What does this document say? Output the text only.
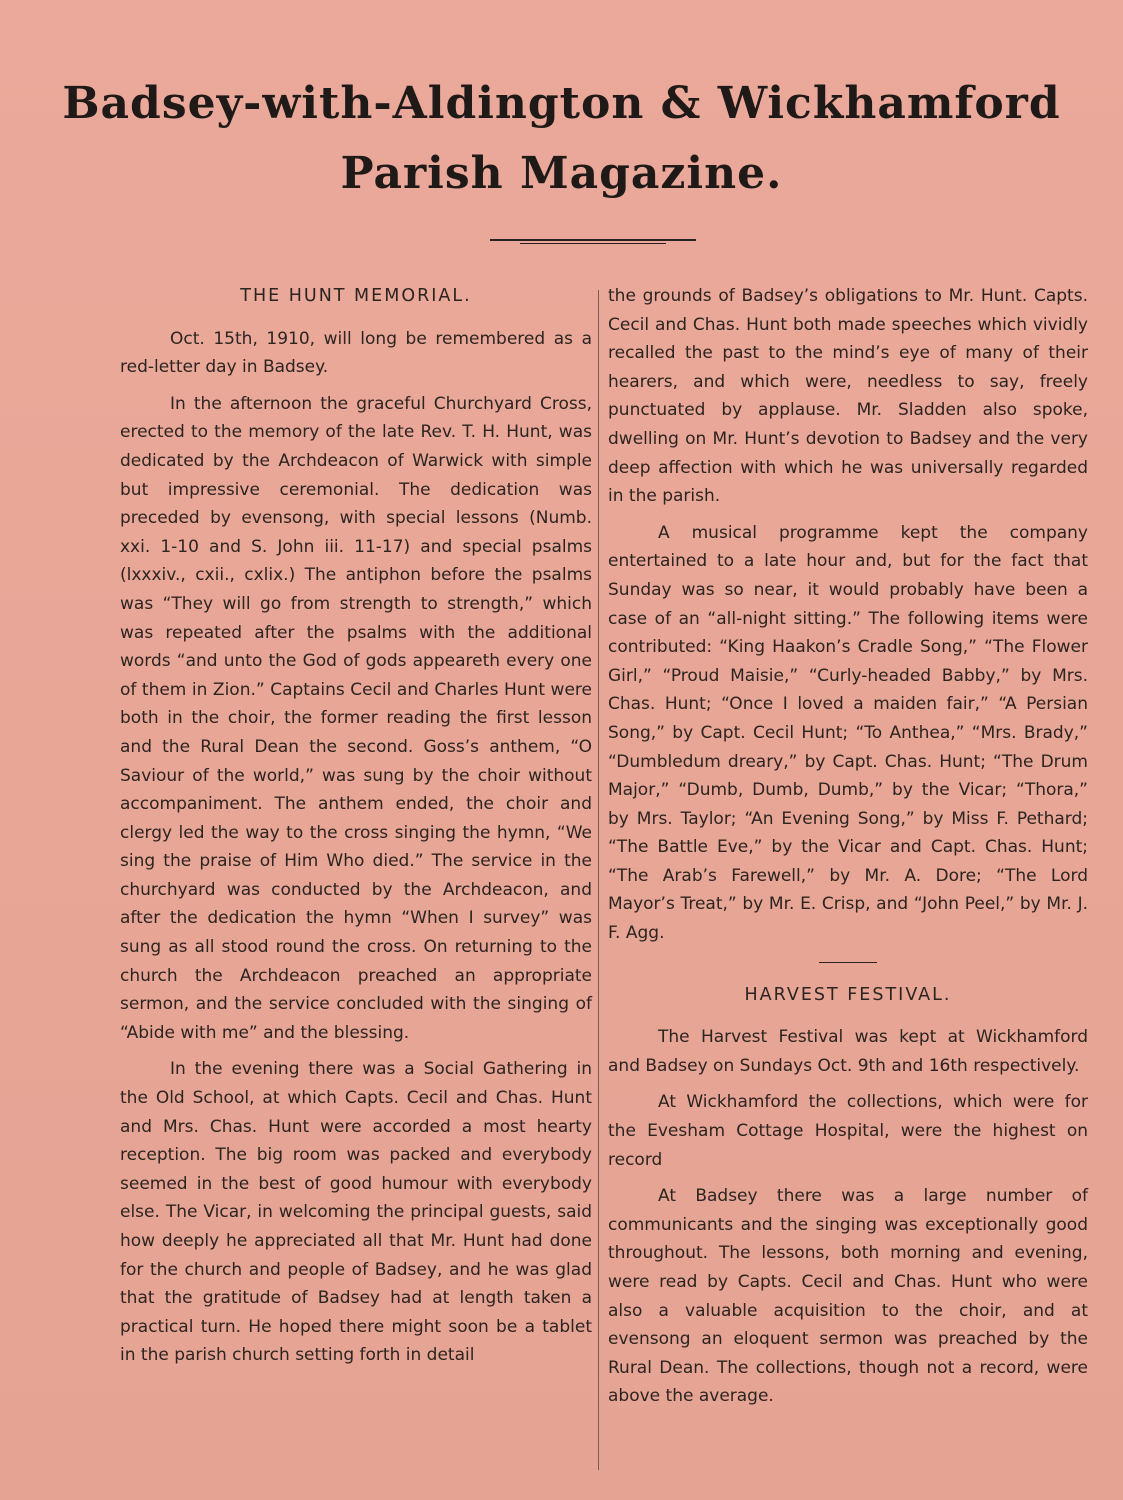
Badsey-with-Aldington & Wickhamford
Parish Magazine.
THE HUNT MEMORIAL.

Oct. 15th, 1910, will long be remembered as a red-letter day in Badsey.

In the afternoon the graceful Churchyard Cross, erected to the memory of the late Rev. T. H. Hunt, was dedicated by the Archdeacon of Warwick with simple but impressive ceremonial. The dedication was preceded by evensong, with special lessons (Numb. xxi. 1-10 and S. John iii. 11-17) and special psalms (lxxxiv., cxii., cxlix.) The antiphon before the psalms was “They will go from strength to strength,” which was repeated after the psalms with the additional words “and unto the God of gods appeareth every one of them in Zion.” Captains Cecil and Charles Hunt were both in the choir, the former reading the first lesson and the Rural Dean the second. Goss’s anthem, “O Saviour of the world,” was sung by the choir without accompaniment. The anthem ended, the choir and clergy led the way to the cross singing the hymn, “We sing the praise of Him Who died.” The service in the churchyard was conducted by the Archdeacon, and after the dedication the hymn “When I survey” was sung as all stood round the cross. On returning to the church the Archdeacon preached an appropriate sermon, and the service concluded with the singing of “Abide with me” and the blessing.

In the evening there was a Social Gathering in the Old School, at which Capts. Cecil and Chas. Hunt and Mrs. Chas. Hunt were accorded a most hearty reception. The big room was packed and everybody seemed in the best of good humour with everybody else. The Vicar, in welcoming the principal guests, said how deeply he appreciated all that Mr. Hunt had done for the church and people of Badsey, and he was glad that the gratitude of Badsey had at length taken a practical turn. He hoped there might soon be a tablet in the parish church setting forth in detail

the grounds of Badsey’s obligations to Mr. Hunt. Capts. Cecil and Chas. Hunt both made speeches which vividly recalled the past to the mind’s eye of many of their hearers, and which were, needless to say, freely punctuated by applause. Mr. Sladden also spoke, dwelling on Mr. Hunt’s devotion to Badsey and the very deep affection with which he was universally regarded in the parish.

A musical programme kept the company entertained to a late hour and, but for the fact that Sunday was so near, it would probably have been a case of an “all-night sitting.” The following items were contributed: “King Haakon’s Cradle Song,” “The Flower Girl,” “Proud Maisie,” “Curly-headed Babby,” by Mrs. Chas. Hunt; “Once I loved a maiden fair,” “A Persian Song,” by Capt. Cecil Hunt; “To Anthea,” “Mrs. Brady,” “Dumbledum dreary,” by Capt. Chas. Hunt; “The Drum Major,” “Dumb, Dumb, Dumb,” by the Vicar; “Thora,” by Mrs. Taylor; “An Evening Song,” by Miss F. Pethard; “The Battle Eve,” by the Vicar and Capt. Chas. Hunt; “The Arab’s Farewell,” by Mr. A. Dore; “The Lord Mayor’s Treat,” by Mr. E. Crisp, and “John Peel,” by Mr. J. F. Agg.

HARVEST FESTIVAL.

The Harvest Festival was kept at Wickhamford and Badsey on Sundays Oct. 9th and 16th respectively.

At Wickhamford the collections, which were for the Evesham Cottage Hospital, were the highest on record

At Badsey there was a large number of communicants and the singing was exceptionally good throughout. The lessons, both morning and evening, were read by Capts. Cecil and Chas. Hunt who were also a valuable acquisition to the choir, and at evensong an eloquent sermon was preached by the Rural Dean. The collections, though not a record, were above the average.
